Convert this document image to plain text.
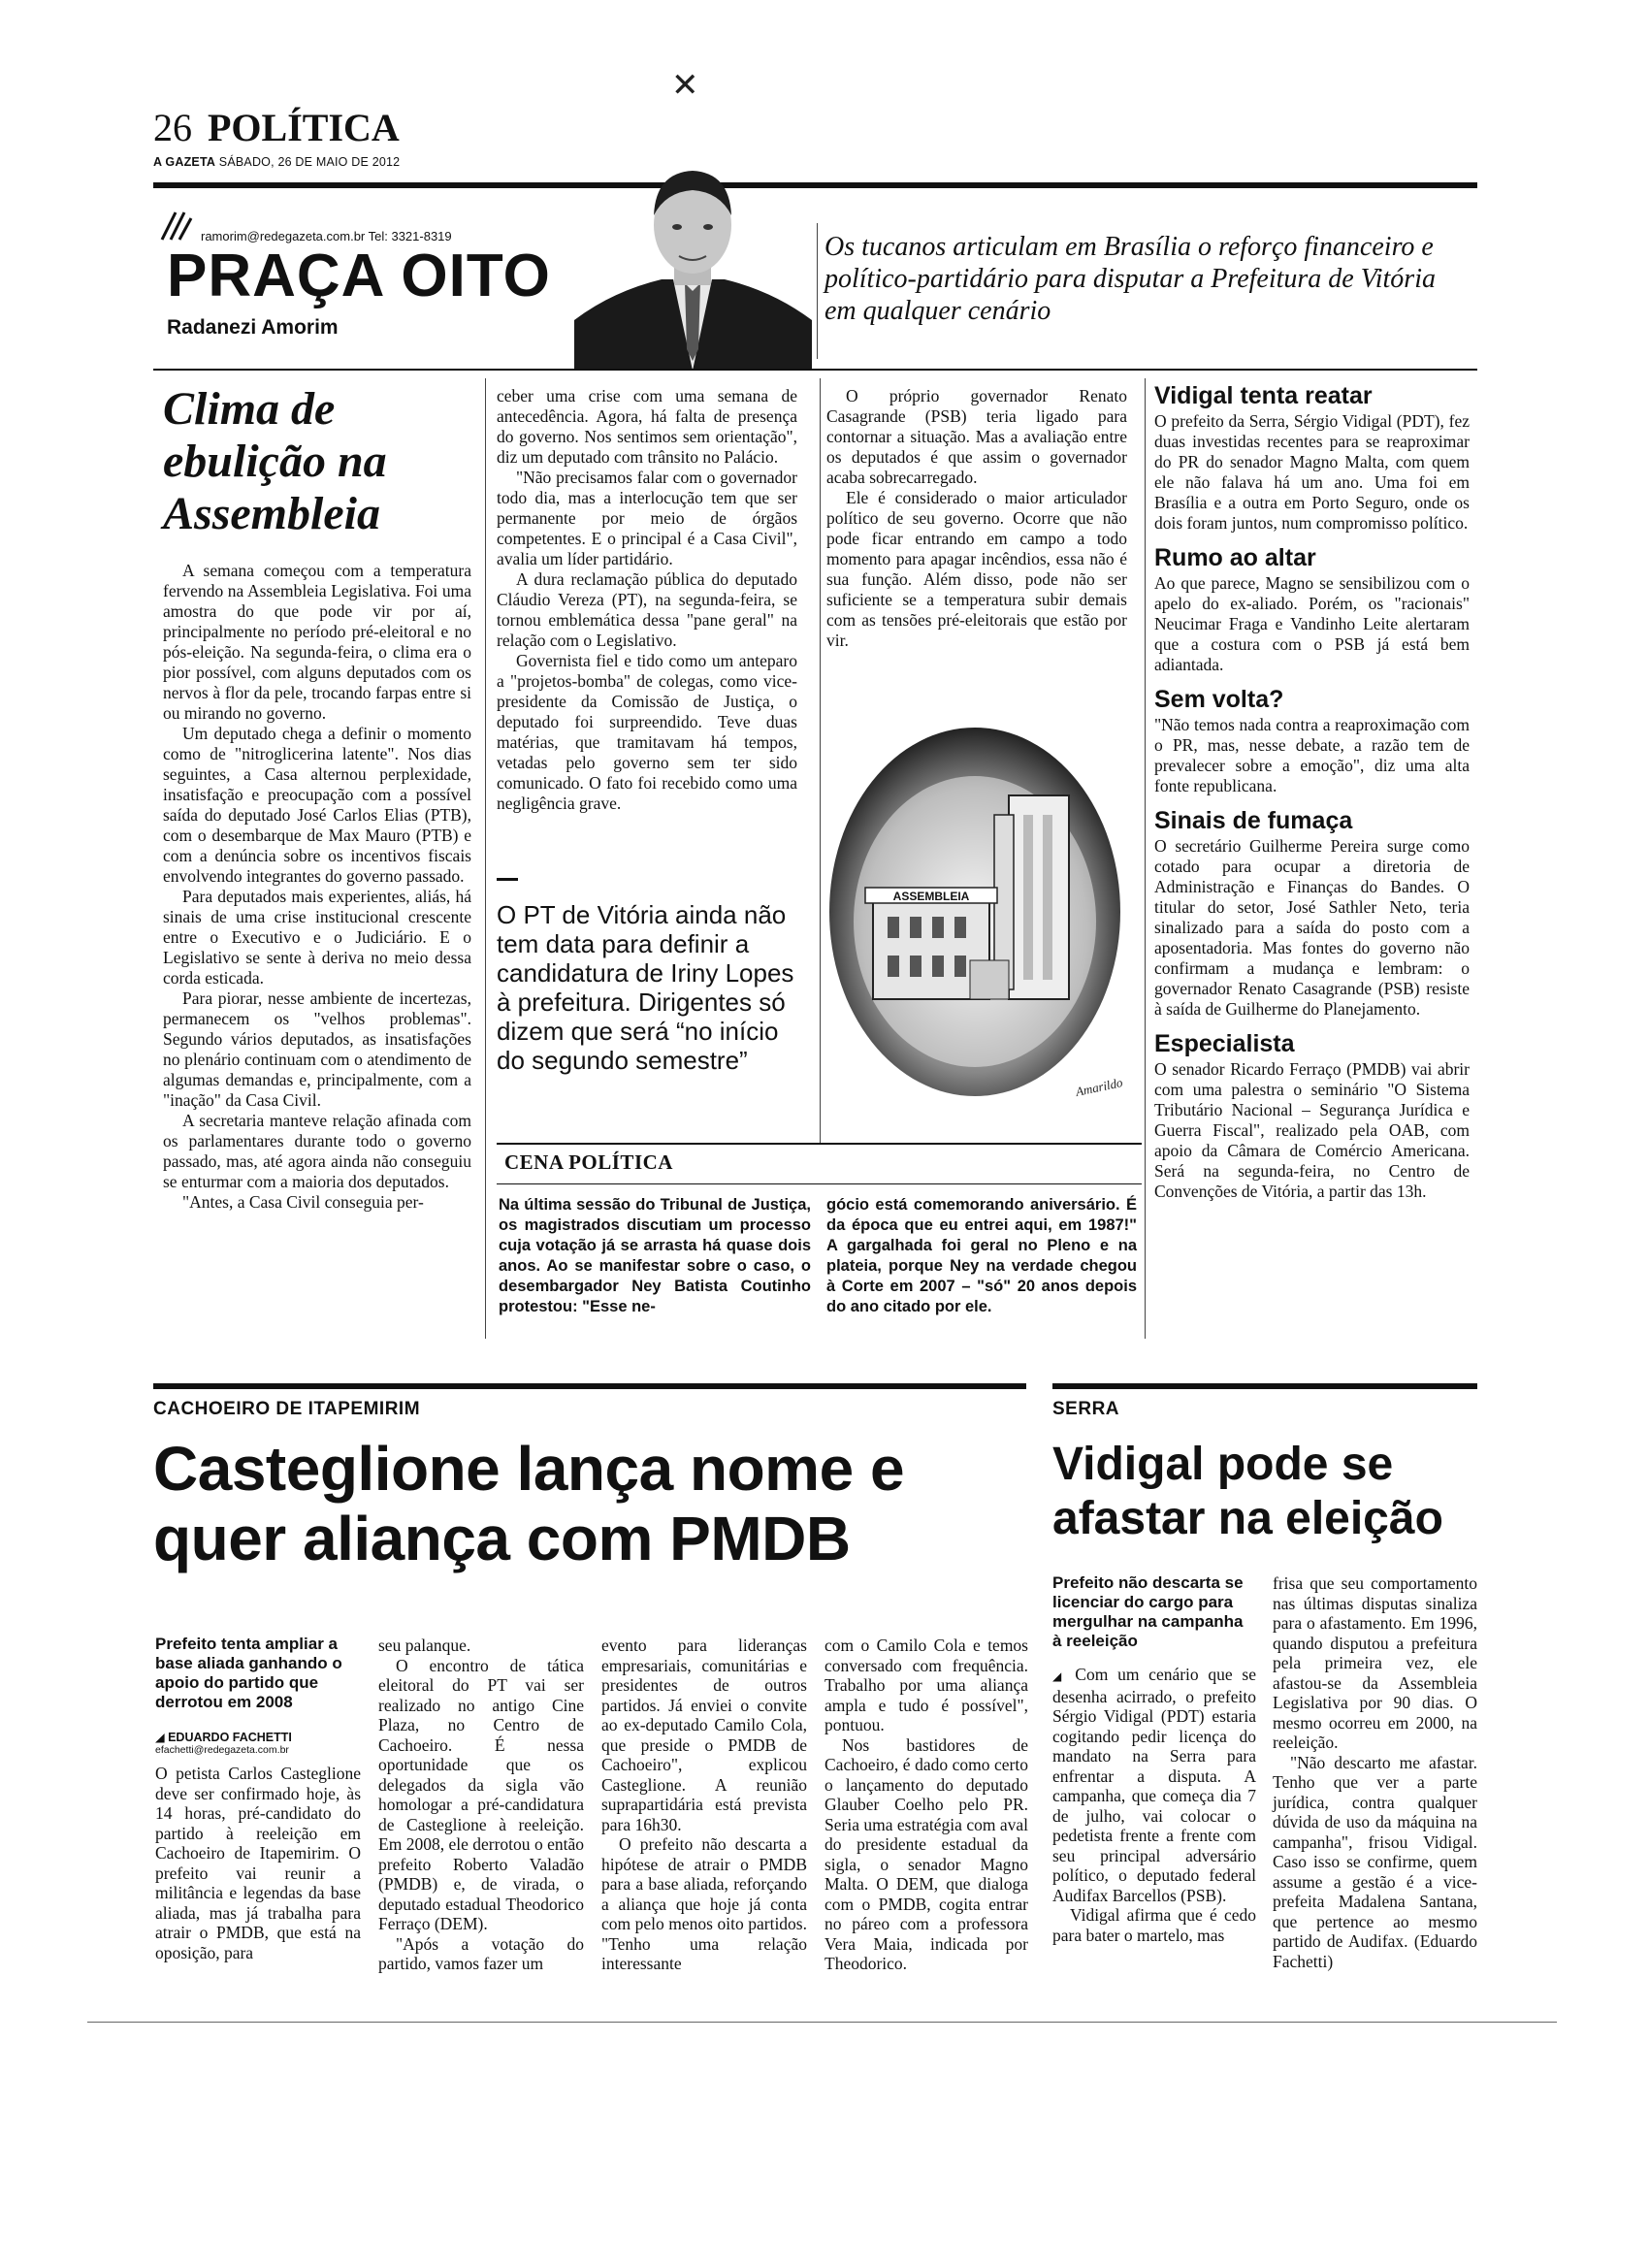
✕
26 POLÍTICA
A GAZETA SÁBADO, 26 DE MAIO DE 2012
ramorim@redegazeta.com.br Tel: 3321-8319
PRAÇA OITO
Radanezi Amorim
Os tucanos articulam em Brasília o reforço financeiro e político-partidário para disputar a Prefeitura de Vitória em qualquer cenário
Clima de ebulição na Assembleia

A semana começou com a temperatura fervendo na Assembleia Legislativa. Foi uma amostra do que pode vir por aí, principalmente no período pré-eleitoral e no pós-eleição. Na segunda-feira, o clima era o pior possível, com alguns deputados com os nervos à flor da pele, trocando farpas entre si ou mirando no governo.

Um deputado chega a definir o momento como de "nitroglicerina latente". Nos dias seguintes, a Casa alternou perplexidade, insatisfação e preocupação com a possível saída do deputado José Carlos Elias (PTB), com o desembarque de Max Mauro (PTB) e com a denúncia sobre os incentivos fiscais envolvendo integrantes do governo passado.

Para deputados mais experientes, aliás, há sinais de uma crise institucional crescente entre o Executivo e o Judiciário. E o Legislativo se sente à deriva no meio dessa corda esticada.

Para piorar, nesse ambiente de incertezas, permanecem os "velhos problemas". Segundo vários deputados, as insatisfações no plenário continuam com o atendimento de algumas demandas e, principalmente, com a "inação" da Casa Civil.

A secretaria manteve relação afinada com os parlamentares durante todo o governo passado, mas, até agora ainda não conseguiu se enturmar com a maioria dos deputados.

"Antes, a Casa Civil conseguia per-

ceber uma crise com uma semana de antecedência. Agora, há falta de presença do governo. Nos sentimos sem orientação", diz um deputado com trânsito no Palácio.

"Não precisamos falar com o governador todo dia, mas a interlocução tem que ser permanente por meio de órgãos competentes. E o principal é a Casa Civil", avalia um líder partidário.

A dura reclamação pública do deputado Cláudio Vereza (PT), na segunda-feira, se tornou emblemática dessa "pane geral" na relação com o Legislativo.

Governista fiel e tido como um anteparo a "projetos-bomba" de colegas, como vice-presidente da Comissão de Justiça, o deputado foi surpreendido. Teve duas matérias, que tramitavam há tempos, vetadas pelo governo sem ter sido comunicado. O fato foi recebido como uma negligência grave.

O PT de Vitória ainda não tem data para definir a candidatura de Iriny Lopes à prefeitura. Dirigentes só dizem que será “no início do segundo semestre”

O próprio governador Renato Casagrande (PSB) teria ligado para contornar a situação. Mas a avaliação entre os deputados é que assim o governador acaba sobrecarregado.

Ele é considerado o maior articulador político de seu governo. Ocorre que não pode ficar entrando em campo a todo momento para apagar incêndios, essa não é sua função. Além disso, pode não ser suficiente se a temperatura subir demais com as tensões pré-eleitorais que estão por vir.

ASSEMBLEIA
Amarildo
CENA POLÍTICA
Na última sessão do Tribunal de Justiça, os magistrados discutiam um processo cuja votação já se arrasta há quase dois anos. Ao se manifestar sobre o caso, o desembargador Ney Batista Coutinho protestou: "Esse ne-
gócio está comemorando aniversário. É da época que eu entrei aqui, em 1987!" A gargalhada foi geral no Pleno e na plateia, porque Ney na verdade chegou à Corte em 2007 – "só" 20 anos depois do ano citado por ele.
Vidigal tenta reatar
O prefeito da Serra, Sérgio Vidigal (PDT), fez duas investidas recentes para se reaproximar do PR do senador Magno Malta, com quem ele não falava há um ano. Uma foi em Brasília e a outra em Porto Seguro, onde os dois foram juntos, num compromisso político.
Rumo ao altar
Ao que parece, Magno se sensibilizou com o apelo do ex-aliado. Porém, os "racionais" Neucimar Fraga e Vandinho Leite alertaram que a costura com o PSB já está bem adiantada.
Sem volta?
"Não temos nada contra a reaproximação com o PR, mas, nesse debate, a razão tem de prevalecer sobre a emoção", diz uma alta fonte republicana.
Sinais de fumaça
O secretário Guilherme Pereira surge como cotado para ocupar a diretoria de Administração e Finanças do Bandes. O titular do setor, José Sathler Neto, teria sinalizado para a saída do posto com a aposentadoria. Mas fontes do governo não confirmam a mudança e lembram: o governador Renato Casagrande (PSB) resiste à saída de Guilherme do Planejamento.
Especialista
O senador Ricardo Ferraço (PMDB) vai abrir com uma palestra o seminário "O Sistema Tributário Nacional – Segurança Jurídica e Guerra Fiscal", realizado pela OAB, com apoio da Câmara de Comércio Americana. Será na segunda-feira, no Centro de Convenções de Vitória, a partir das 13h.
CACHOEIRO DE ITAPEMIRIM
Casteglione lança nome e quer aliança com PMDB
Prefeito tenta ampliar a base aliada ganhando o apoio do partido que derrotou em 2008
◢ EDUARDO FACHETTI
efachetti@redegazeta.com.br

O petista Carlos Casteglione deve ser confirmado hoje, às 14 horas, pré-candidato do partido à reeleição em Cachoeiro de Itapemirim. O prefeito vai reunir a militância e legendas da base aliada, mas já trabalha para atrair o PMDB, que está na oposição, para

seu palanque.

O encontro de tática eleitoral do PT vai ser realizado no antigo Cine Plaza, no Centro de Cachoeiro. É nessa oportunidade que os delegados da sigla vão homologar a pré-candidatura de Casteglione à reeleição. Em 2008, ele derrotou o então prefeito Roberto Valadão (PMDB) e, de virada, o deputado estadual Theodorico Ferraço (DEM).

"Após a votação do partido, vamos fazer um

evento para lideranças empresariais, comunitárias e presidentes de outros partidos. Já enviei o convite ao ex-deputado Camilo Cola, que preside o PMDB de Cachoeiro", explicou Casteglione. A reunião suprapartidária está prevista para 16h30.

O prefeito não descarta a hipótese de atrair o PMDB para a base aliada, reforçando a aliança que hoje já conta com pelo menos oito partidos. "Tenho uma relação interessante

com o Camilo Cola e temos conversado com frequência. Trabalho por uma aliança ampla e tudo é possível", pontuou.

Nos bastidores de Cachoeiro, é dado como certo o lançamento do deputado Glauber Coelho pelo PR. Seria uma estratégia com aval do presidente estadual da sigla, o senador Magno Malta. O DEM, que dialoga com o PMDB, cogita entrar no páreo com a professora Vera Maia, indicada por Theodorico.

SERRA
Vidigal pode se afastar na eleição
Prefeito não descarta se licenciar do cargo para mergulhar na campanha à reeleição

◢ Com um cenário que se desenha acirrado, o prefeito Sérgio Vidigal (PDT) estaria cogitando pedir licença do mandato na Serra para enfrentar a disputa. A campanha, que começa dia 7 de julho, vai colocar o pedetista frente a frente com seu principal adversário político, o deputado federal Audifax Barcellos (PSB).

Vidigal afirma que é cedo para bater o martelo, mas

frisa que seu comportamento nas últimas disputas sinaliza para o afastamento. Em 1996, quando disputou a prefeitura pela primeira vez, ele afastou-se da Assembleia Legislativa por 90 dias. O mesmo ocorreu em 2000, na reeleição.

"Não descarto me afastar. Tenho que ver a parte jurídica, contra qualquer dúvida de uso da máquina na campanha", frisou Vidigal. Caso isso se confirme, quem assume a gestão é a vice-prefeita Madalena Santana, que pertence ao mesmo partido de Audifax. (Eduardo Fachetti)
